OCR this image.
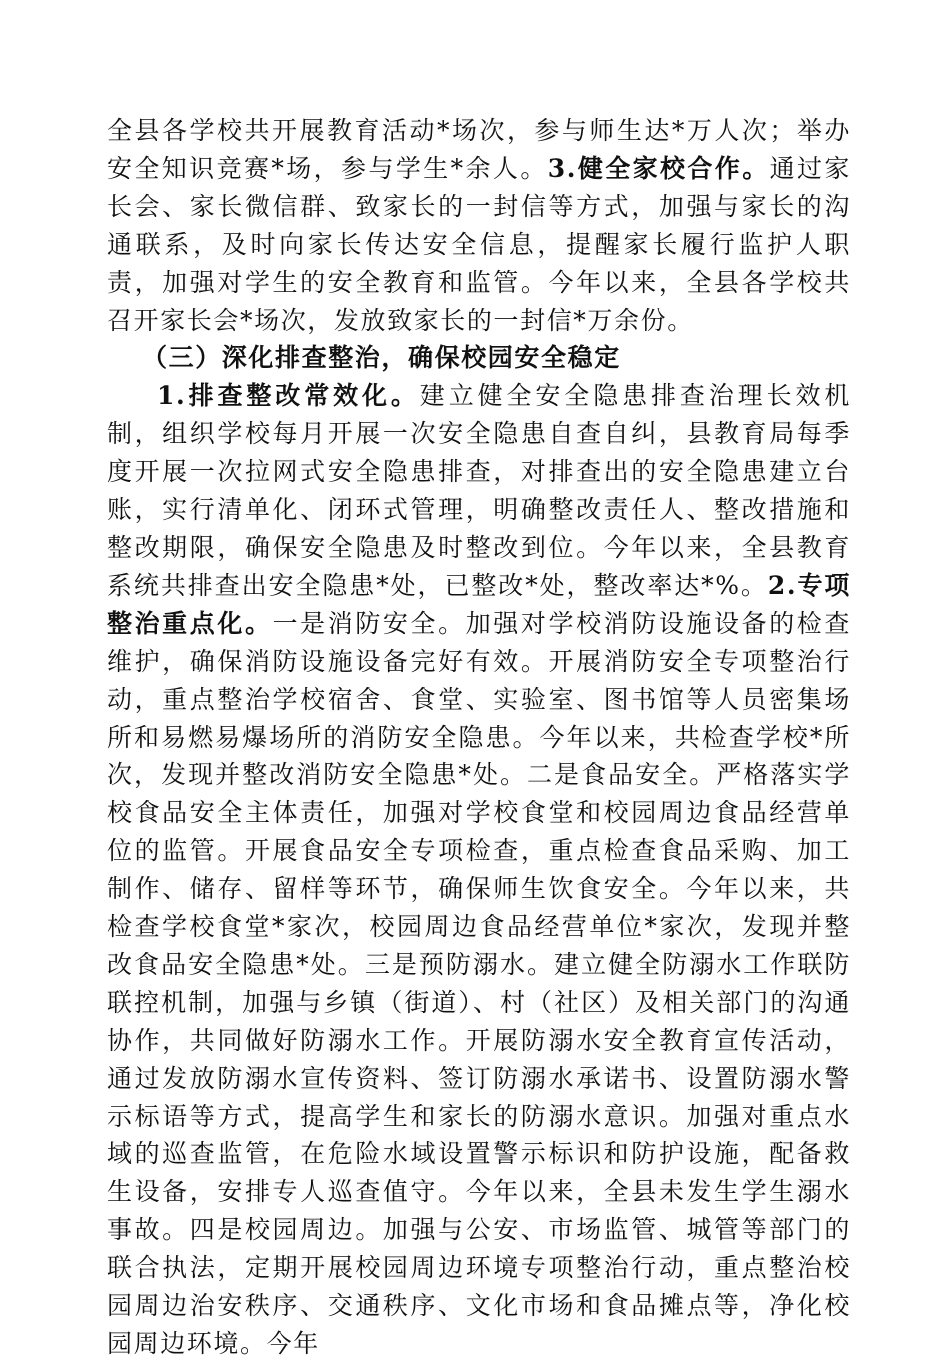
全县各学校共开展教育活动*场次，参与师生达*万人次；举办安全知识竞赛*场，参与学生*余人。3.健全家校合作。通过家长会、家长微信群、致家长的一封信等方式，加强与家长的沟通联系，及时向家长传达安全信息，提醒家长履行监护人职责，加强对学生的安全教育和监管。今年以来，全县各学校共召开家长会*场次，发放致家长的一封信*万余份。

（三）深化排查整治，确保校园安全稳定

1.排查整改常效化。建立健全安全隐患排查治理长效机制，组织学校每月开展一次安全隐患自查自纠，县教育局每季度开展一次拉网式安全隐患排查，对排查出的安全隐患建立台账，实行清单化、闭环式管理，明确整改责任人、整改措施和整改期限，确保安全隐患及时整改到位。今年以来，全县教育系统共排查出安全隐患*处，已整改*处，整改率达*%。2.专项整治重点化。一是消防安全。加强对学校消防设施设备的检查维护，确保消防设施设备完好有效。开展消防安全专项整治行动，重点整治学校宿舍、食堂、实验室、图书馆等人员密集场所和易燃易爆场所的消防安全隐患。今年以来，共检查学校*所次，发现并整改消防安全隐患*处。二是食品安全。严格落实学校食品安全主体责任，加强对学校食堂和校园周边食品经营单位的监管。开展食品安全专项检查，重点检查食品采购、加工制作、储存、留样等环节，确保师生饮食安全。今年以来，共检查学校食堂*家次，校园周边食品经营单位*家次，发现并整改食品安全隐患*处。三是预防溺水。建立健全防溺水工作联防联控机制，加强与乡镇（街道）、村（社区）及相关部门的沟通协作，共同做好防溺水工作。开展防溺水安全教育宣传活动，通过发放防溺水宣传资料、签订防溺水承诺书、设置防溺水警示标语等方式，提高学生和家长的防溺水意识。加强对重点水域的巡查监管，在危险水域设置警示标识和防护设施，配备救生设备，安排专人巡查值守。今年以来，全县未发生学生溺水事故。四是校园周边。加强与公安、市场监管、城管等部门的联合执法，定期开展校园周边环境专项整治行动，重点整治校园周边治安秩序、交通秩序、文化市场和食品摊点等，净化校园周边环境。今年
